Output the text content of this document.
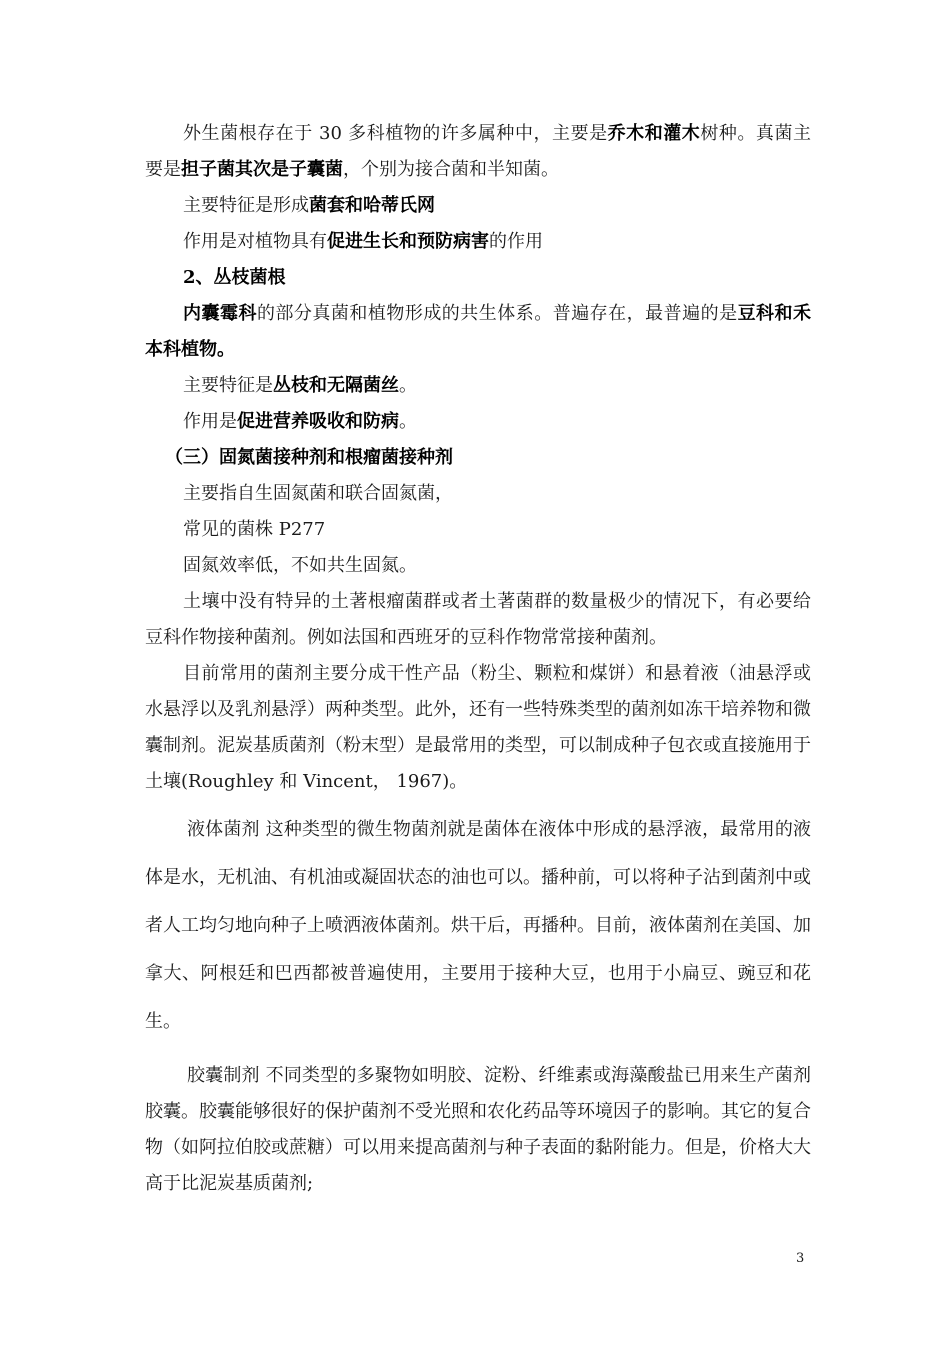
外生菌根存在于 30 多科植物的许多属种中，主要是乔木和灌木树种。真菌主要是担子菌其次是子囊菌，个别为接合菌和半知菌。

主要特征是形成菌套和哈蒂氏网

作用是对植物具有促进生长和预防病害的作用

2、丛枝菌根

内囊霉科的部分真菌和植物形成的共生体系。普遍存在，最普遍的是豆科和禾本科植物。

主要特征是丛枝和无隔菌丝。

作用是促进营养吸收和防病。

（三）固氮菌接种剂和根瘤菌接种剂

主要指自生固氮菌和联合固氮菌，

常见的菌株 P277

固氮效率低，不如共生固氮。

土壤中没有特异的土著根瘤菌群或者土著菌群的数量极少的情况下，有必要给豆科作物接种菌剂。例如法国和西班牙的豆科作物常常接种菌剂。

目前常用的菌剂主要分成干性产品（粉尘、颗粒和煤饼）和悬着液（油悬浮或水悬浮以及乳剂悬浮）两种类型。此外，还有一些特殊类型的菌剂如冻干培养物和微囊制剂。泥炭基质菌剂（粉末型）是最常用的类型，可以制成种子包衣或直接施用于土壤(Roughley 和 Vincent， 1967)。

液体菌剂 这种类型的微生物菌剂就是菌体在液体中形成的悬浮液，最常用的液体是水，无机油、有机油或凝固状态的油也可以。播种前，可以将种子沾到菌剂中或者人工均匀地向种子上喷洒液体菌剂。烘干后，再播种。目前，液体菌剂在美国、加拿大、阿根廷和巴西都被普遍使用，主要用于接种大豆，也用于小扁豆、豌豆和花生。

胶囊制剂 不同类型的多聚物如明胶、淀粉、纤维素或海藻酸盐已用来生产菌剂胶囊。胶囊能够很好的保护菌剂不受光照和农化药品等环境因子的影响。其它的复合物（如阿拉伯胶或蔗糖）可以用来提高菌剂与种子表面的黏附能力。但是，价格大大高于比泥炭基质菌剂;

3
